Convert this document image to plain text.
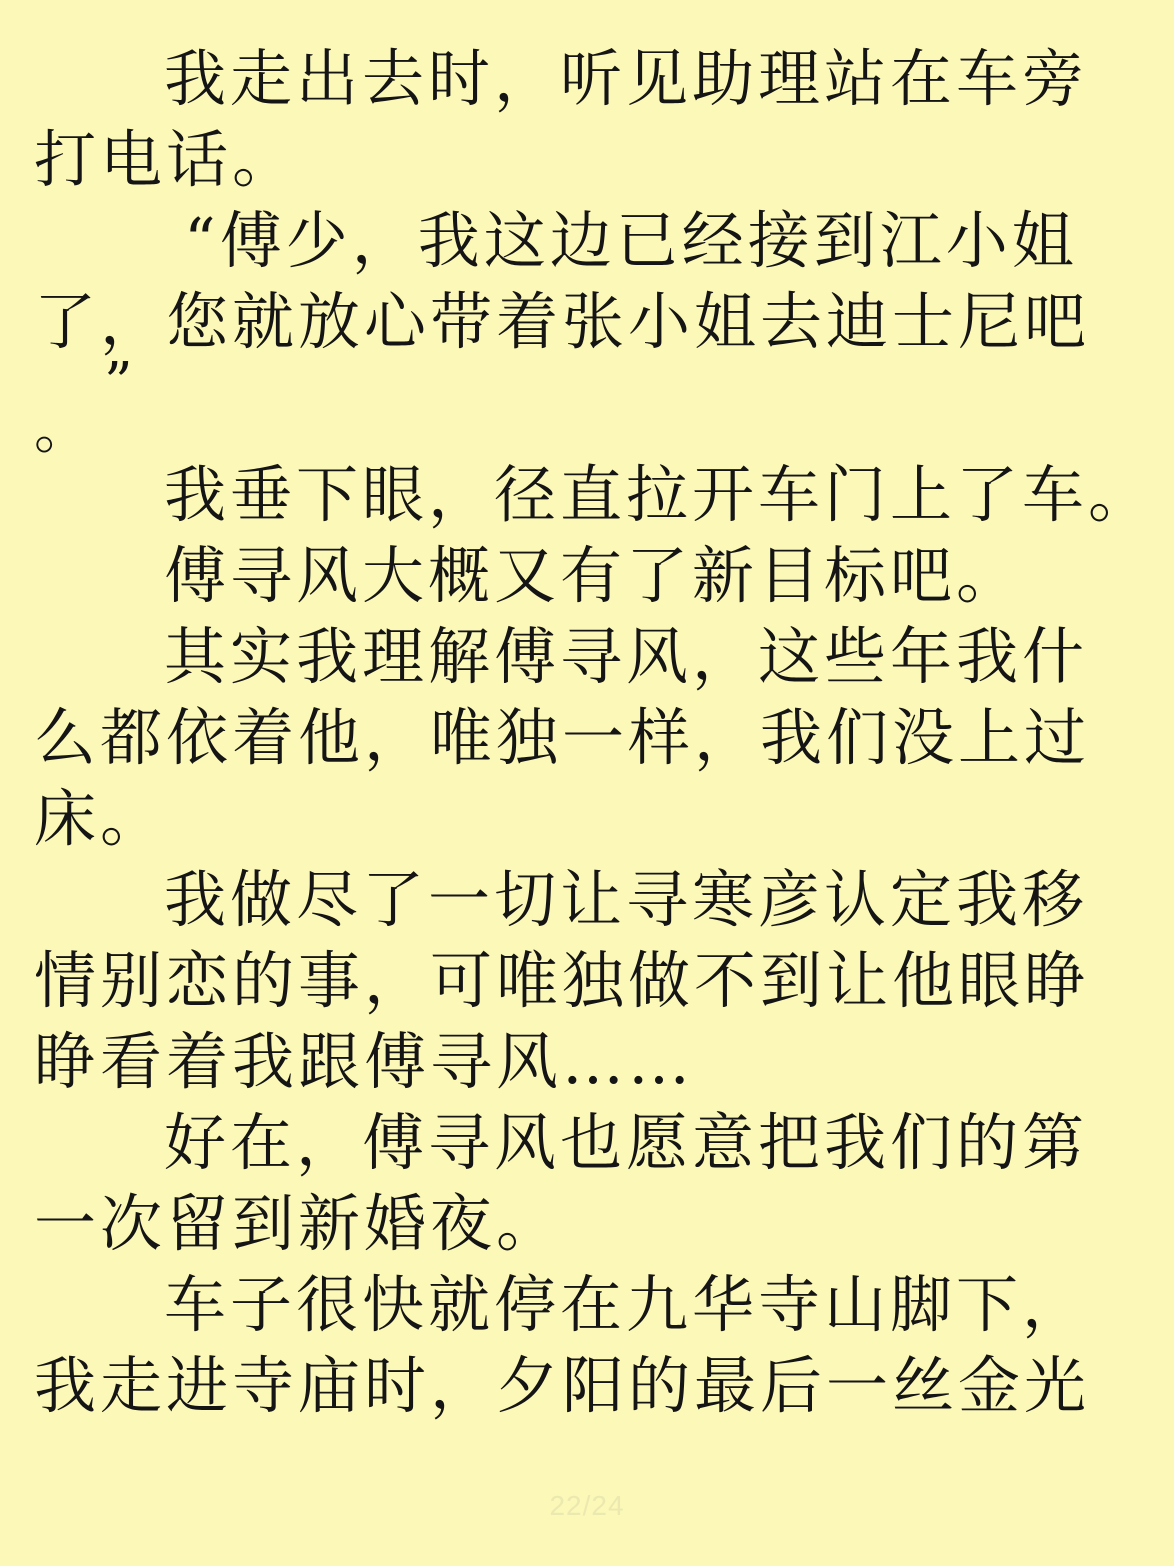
我走出去时，听见助理站在车旁
打电话。
“傅少，我这边已经接到江小姐
了，您就放心带着张小姐去迪士尼吧
”
。
我垂下眼，径直拉开车门上了车。
傅寻风大概又有了新目标吧。
其实我理解傅寻风，这些年我什
么都依着他，唯独一样，我们没上过
床。
我做尽了一切让寻寒彦认定我移
情别恋的事，可唯独做不到让他眼睁
睁看着我跟傅寻风……
好在，傅寻风也愿意把我们的第
一次留到新婚夜。
车子很快就停在九华寺山脚下，
我走进寺庙时，夕阳的最后一丝金光
22/24
